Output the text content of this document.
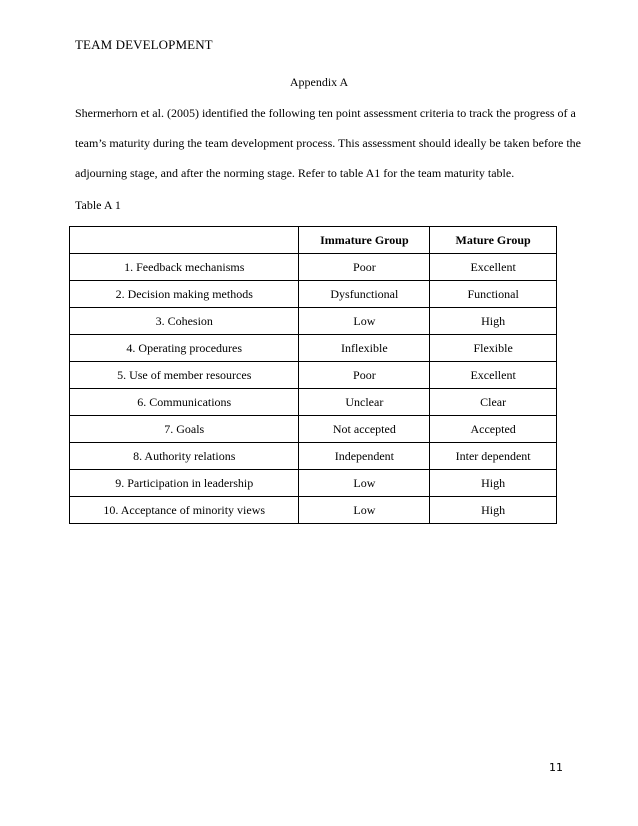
TEAM DEVELOPMENT
Appendix A
Shermerhorn et al. (2005) identified the following ten point assessment criteria to track the progress of a
team’s maturity during the team development process. This assessment should ideally be taken before the
adjourning stage, and after the norming stage. Refer to table A1 for the team maturity table.
Table A 1
	Immature Group	Mature Group
1. Feedback mechanisms	Poor	Excellent
2. Decision making methods	Dysfunctional	Functional
3. Cohesion	Low	High
4. Operating procedures	Inflexible	Flexible
5. Use of member resources	Poor	Excellent
6. Communications	Unclear	Clear
7. Goals	Not accepted	Accepted
8. Authority relations	Independent	Inter dependent
9. Participation in leadership	Low	High
10. Acceptance of minority views	Low	High
11
